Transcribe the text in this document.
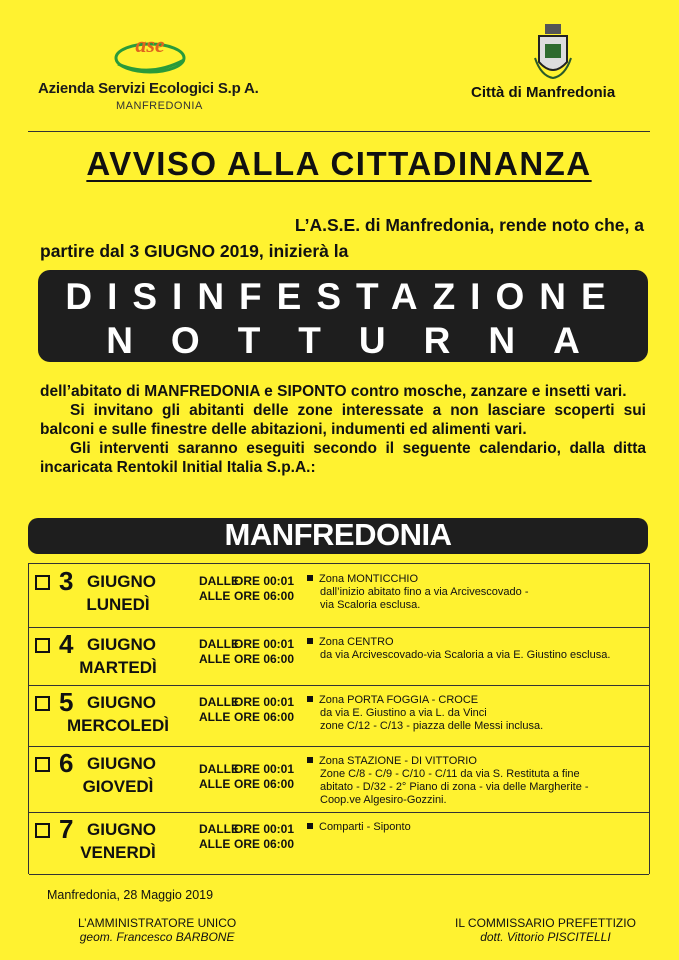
ase
Azienda Servizi Ecologici S.p A.
MANFREDONIA
Città di Manfredonia
AVVISO ALLA CITTADINANZA
L’A.S.E. di Manfredonia, rende noto che, a
partire dal 3 GIUGNO 2019, inizierà la
DISINFESTAZIONE
NOTTURNA

dell’abitato di MANFREDONIA e SIPONTO contro mosche, zanzare e insetti vari.

Si invitano gli abitanti delle zone interessate a non lasciare scoperti sui balconi e sulle finestre delle abitazioni, indumenti ed alimenti vari.

Gli interventi saranno eseguiti secondo il seguente calendario, dalla ditta incaricata Rentokil Initial Italia S.p.A.:

MANFREDONIA
3 GIUGNO
LUNEDÌ
DALLEORE 00:01
ALLE ORE 06:00
Zona MONTICCHIO
dall’inizio abitato fino a via Arcivescovado -
via Scaloria esclusa.
4 GIUGNO
MARTEDÌ
DALLEORE 00:01
ALLE ORE 06:00
Zona CENTRO
da via Arcivescovado-via Scaloria a via E. Giustino esclusa.
5 GIUGNO
MERCOLEDÌ
DALLEORE 00:01
ALLE ORE 06:00
Zona PORTA FOGGIA - CROCE
da via E. Giustino a via L. da Vinci
zone C/12 - C/13 - piazza delle Messi inclusa.
6 GIUGNO
GIOVEDÌ
DALLEORE 00:01
ALLE ORE 06:00
Zona STAZIONE - DI VITTORIO
Zone C/8 - C/9 - C/10 - C/11 da via S. Restituta a fine
abitato - D/32 - 2° Piano di zona - via delle Margherite -
Coop.ve Algesiro-Gozzini.
7 GIUGNO
VENERDÌ
DALLEORE 00:01
ALLE ORE 06:00
Comparti - Siponto
Manfredonia, 28 Maggio 2019
L’AMMINISTRATORE UNICO
geom. Francesco BARBONE
IL COMMISSARIO PREFETTIZIO
dott. Vittorio PISCITELLI
